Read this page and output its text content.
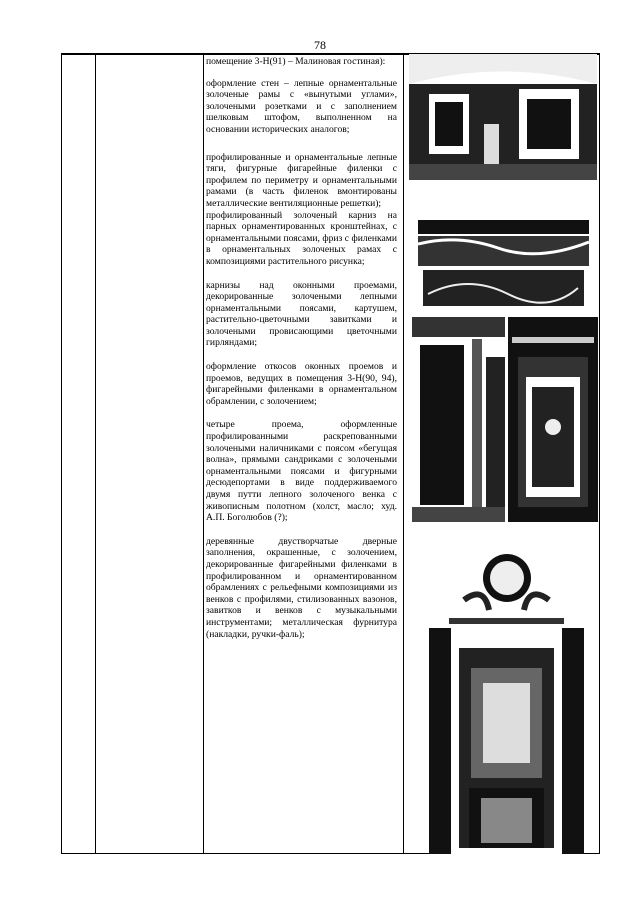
78

помещение 3-Н(91) – Малиновая гостиная):

оформление стен – лепные орнаментальные золоченые рамы с «вынутыми углами», золочеными розетками и с заполнением шелковым штофом, выполненном на основании исторических аналогов;

профилированные и орнаментальные лепные тяги, фигурные фигарейные филенки с профилем по периметру и орнаментальными рамами (в часть филенок вмонтированы металлические вентиляционные решетки);

профилированный золоченый карниз на парных орнаментированных кронштейнах, с орнаментальными поясами, фриз с филенками в орнаментальных золоченых рамах с композициями растительного рисунка;

карнизы над оконными проемами, декорированные золочеными лепными орнаментальными поясами, картушем, растительно-цветочными завитками и золочеными провисающими цветочными гирляндами;

оформление откосов оконных проемов и проемов, ведущих в помещения 3-Н(90, 94), фигарейными филенками в орнаментальном обрамлении, с золочением;

четыре проема, оформленные профилированными раскрепованными золочеными наличниками с поясом «бегущая волна», прямыми сандриками с золочеными орнаментальными поясами и фигурными десюдепортами в виде поддерживаемого двумя путти лепного золоченого венка с живописным полотном (холст, масло; худ. А.П. Боголюбов (?);

деревянные двустворчатые дверные заполнения, окрашенные, с золочением, декорированные фигарейными филенками в профилированном и орнаментированном обрамлениях с рельефными композициями из венков с профилями, стилизованных вазонов, завитков и венков с музыкальными инструментами; металлическая фурнитура (накладки, ручки-фаль);
